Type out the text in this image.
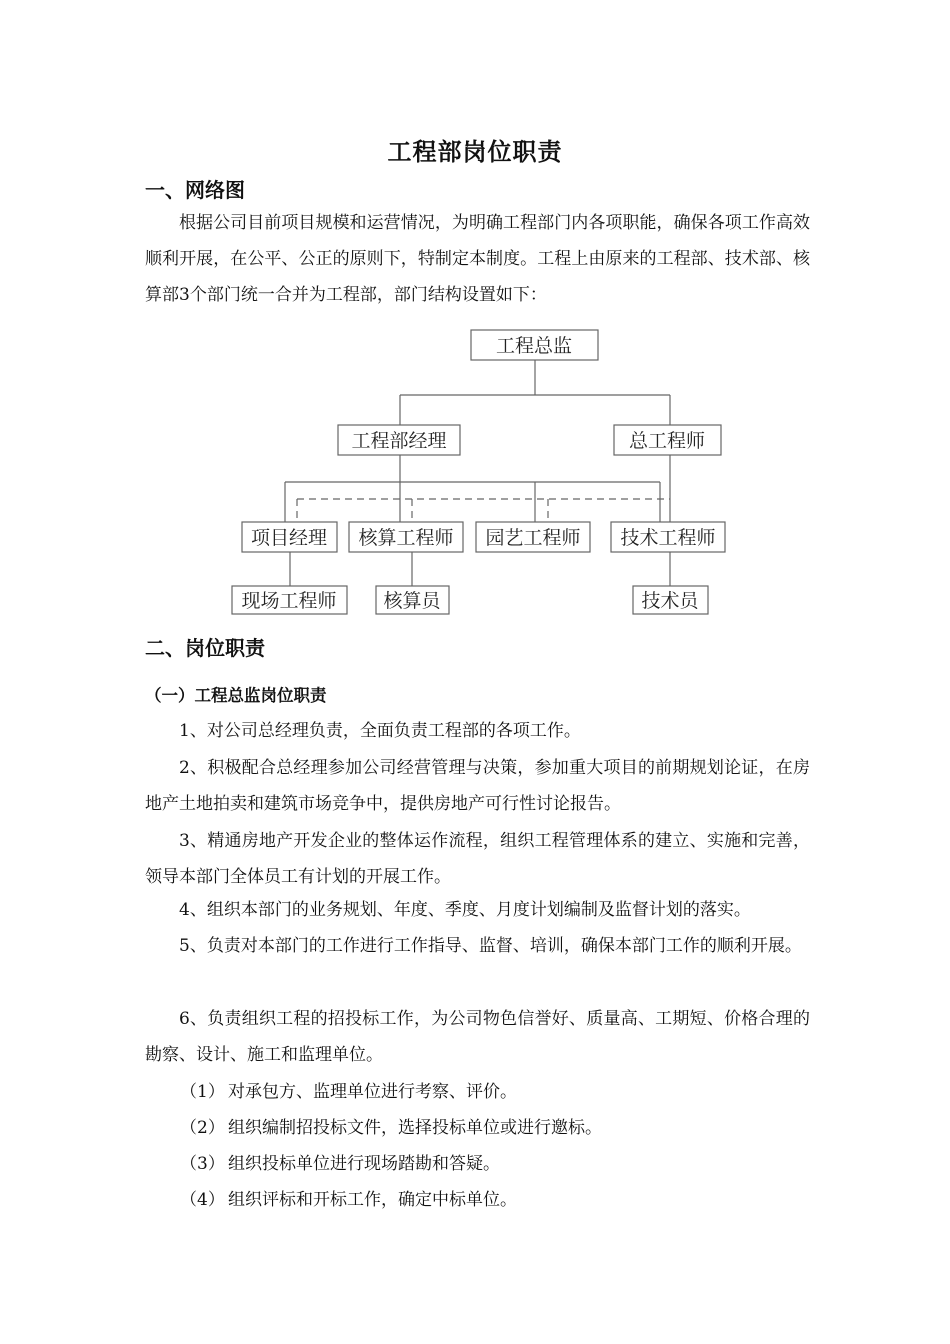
工程部岗位职责
一、网络图

根据公司目前项目规模和运营情况，为明确工程部门内各项职能，确保各项工作高效顺利开展，在公平、公正的原则下，特制定本制度。工程上由原来的工程部、技术部、核算部3个部门统一合并为工程部，部门结构设置如下：

工程总监
工程部经理	总工程师
项目经理 核算工程师 园艺工程师 技术工程师
现场工程师 核算员	技术员
二、岗位职责
（一）工程总监岗位职责

1、对公司总经理负责，全面负责工程部的各项工作。

2、积极配合总经理参加公司经营管理与决策，参加重大项目的前期规划论证，在房地产土地拍卖和建筑市场竞争中，提供房地产可行性讨论报告。

3、精通房地产开发企业的整体运作流程，组织工程管理体系的建立、实施和完善，领导本部门全体员工有计划的开展工作。

4、组织本部门的业务规划、年度、季度、月度计划编制及监督计划的落实。

5、负责对本部门的工作进行工作指导、监督、培训，确保本部门工作的顺利开展。

6、负责组织工程的招投标工作，为公司物色信誉好、质量高、工期短、价格合理的勘察、设计、施工和监理单位。

（1） 对承包方、监理单位进行考察、评价。
（2） 组织编制招投标文件，选择投标单位或进行邀标。
（3） 组织投标单位进行现场踏勘和答疑。
（4） 组织评标和开标工作，确定中标单位。
